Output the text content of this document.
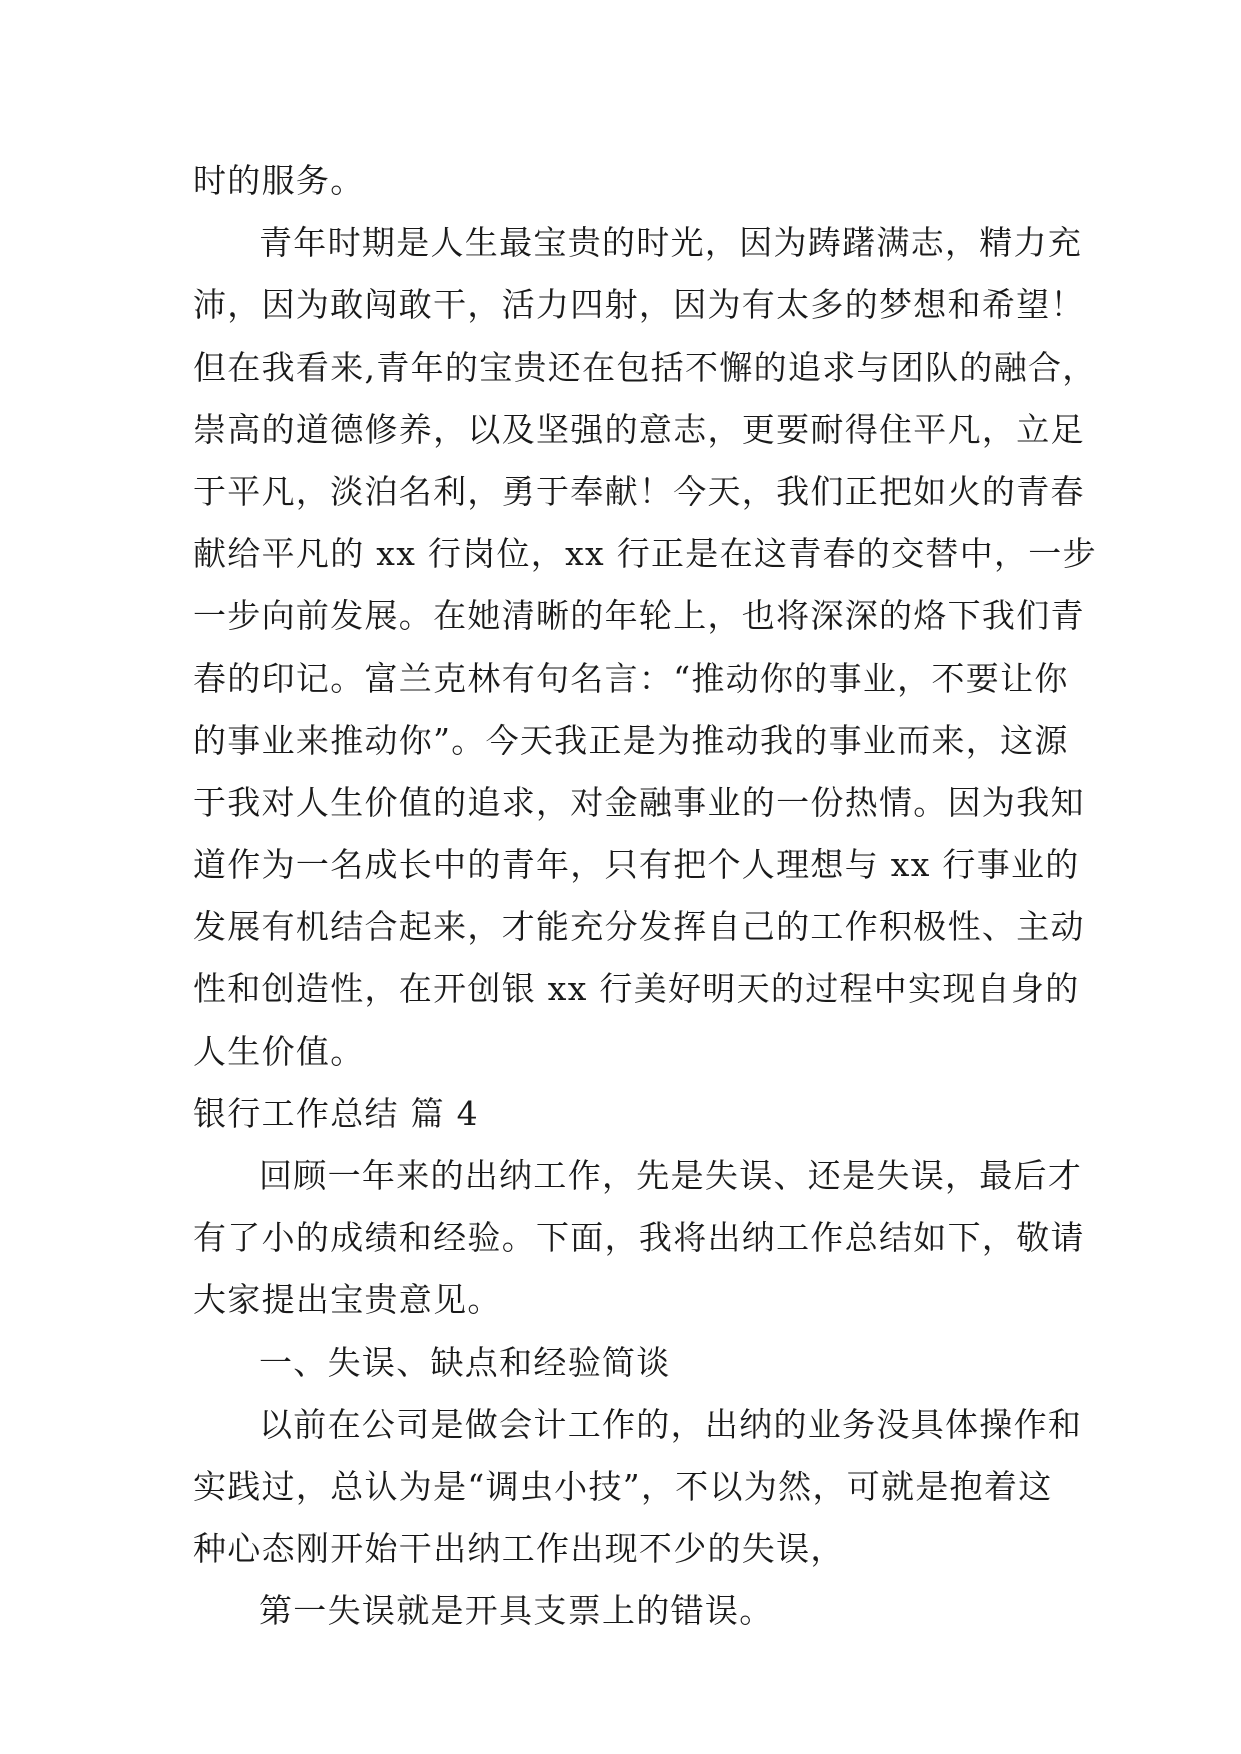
时的服务。
青年时期是人生最宝贵的时光，因为踌躇满志，精力充
沛，因为敢闯敢干，活力四射，因为有太多的梦想和希望！
但在我看来,青年的宝贵还在包括不懈的追求与团队的融合，
崇高的道德修养，以及坚强的意志，更要耐得住平凡，立足
于平凡，淡泊名利，勇于奉献！今天，我们正把如火的青春
献给平凡的 xx 行岗位，xx 行正是在这青春的交替中，一步
一步向前发展。在她清晰的年轮上，也将深深的烙下我们青
春的印记。富兰克林有句名言：“推动你的事业，不要让你
的事业来推动你”。今天我正是为推动我的事业而来，这源
于我对人生价值的追求，对金融事业的一份热情。因为我知
道作为一名成长中的青年，只有把个人理想与 xx 行事业的
发展有机结合起来，才能充分发挥自己的工作积极性、主动
性和创造性，在开创银 xx 行美好明天的过程中实现自身的
人生价值。
银行工作总结 篇 4
回顾一年来的出纳工作，先是失误、还是失误，最后才
有了小的成绩和经验。下面，我将出纳工作总结如下，敬请
大家提出宝贵意见。
一、失误、缺点和经验简谈
以前在公司是做会计工作的，出纳的业务没具体操作和
实践过，总认为是“调虫小技”，不以为然，可就是抱着这
种心态刚开始干出纳工作出现不少的失误，
第一失误就是开具支票上的错误。
